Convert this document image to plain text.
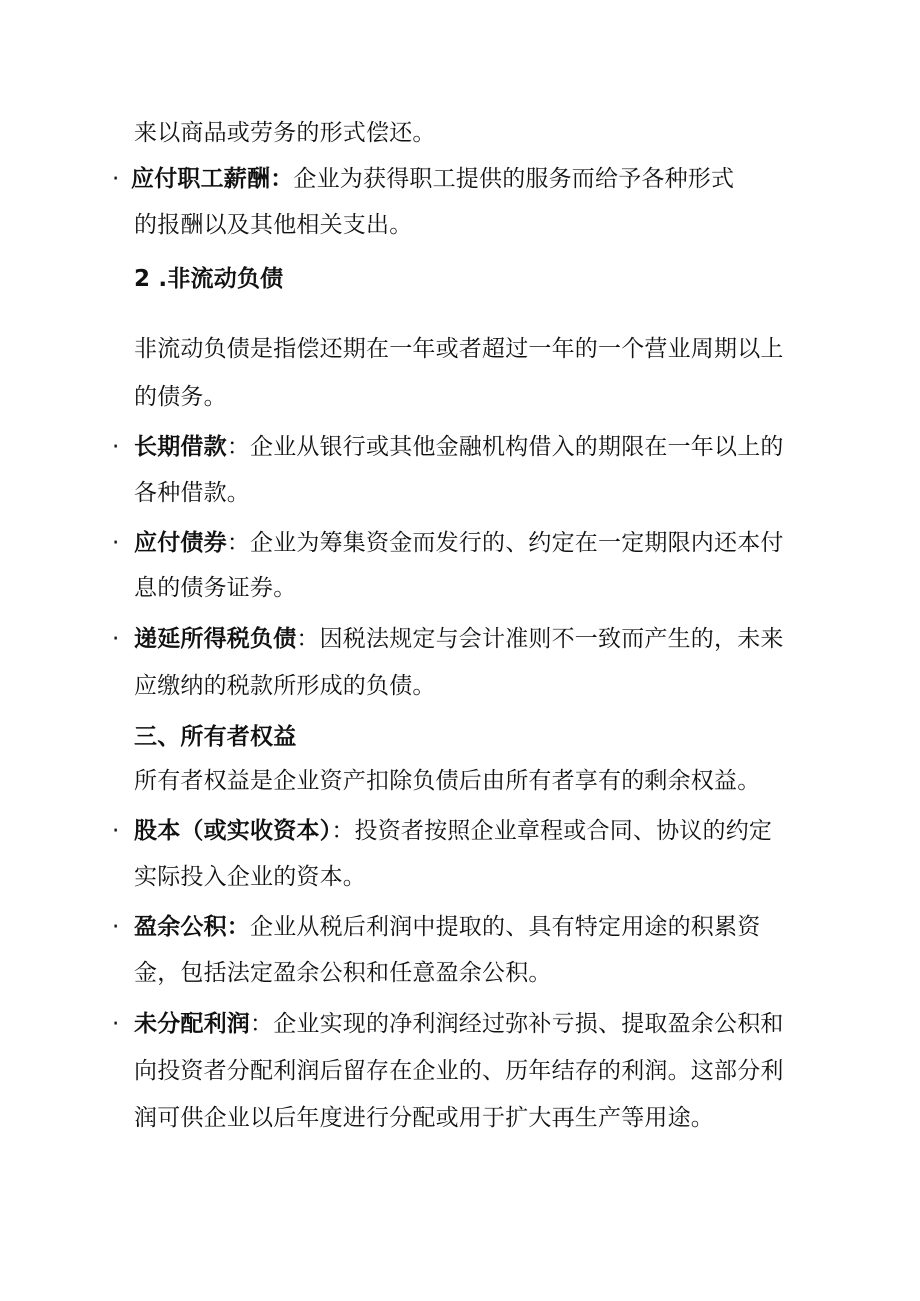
来以商品或劳务的形式偿还。
· 应付职工薪酬：企业为获得职工提供的服务而给予各种形式
的报酬以及其他相关支出。
2 .非流动负债
非流动负债是指偿还期在一年或者超过一年的一个营业周期以上
的债务。
· 长期借款：企业从银行或其他金融机构借入的期限在一年以上的
各种借款。
· 应付债券：企业为筹集资金而发行的、约定在一定期限内还本付
息的债务证券。
· 递延所得税负债：因税法规定与会计准则不一致而产生的，未来
应缴纳的税款所形成的负债。
三、所有者权益
所有者权益是企业资产扣除负债后由所有者享有的剩余权益。
· 股本（或实收资本）：投资者按照企业章程或合同、协议的约定
实际投入企业的资本。
· 盈余公积：企业从税后利润中提取的、具有特定用途的积累资
金，包括法定盈余公积和任意盈余公积。
· 未分配利润：企业实现的净利润经过弥补亏损、提取盈余公积和
向投资者分配利润后留存在企业的、历年结存的利润。这部分利
润可供企业以后年度进行分配或用于扩大再生产等用途。
